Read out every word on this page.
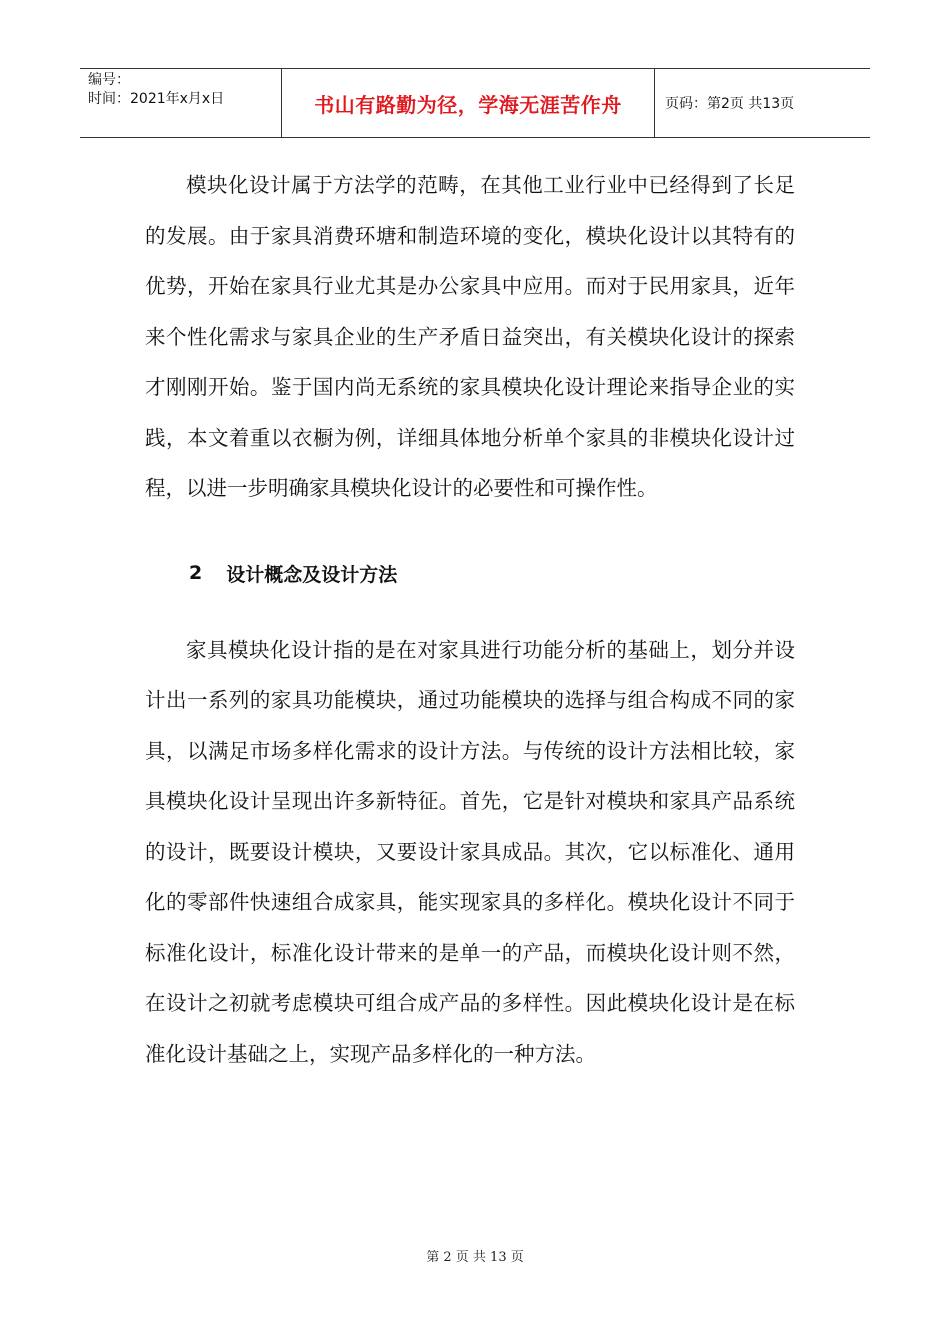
编号：
时间：2021年x月x日	书山有路勤为径，学海无涯苦作舟	页码：第2页 共13页

模块化设计属于方法学的范畴，在其他工业行业中已经得到了长足的发展。由于家具消费环塘和制造环境的变化，模块化设计以其特有的优势，开始在家具行业尤其是办公家具中应用。而对于民用家具，近年来个性化需求与家具企业的生产矛盾日益突出，有关模块化设计的探索才刚刚开始。鉴于国内尚无系统的家具模块化设计理论来指导企业的实践，本文着重以衣橱为例，详细具体地分析单个家具的非模块化设计过程，以进一步明确家具模块化设计的必要性和可操作性。

2 设计概念及设计方法

家具模块化设计指的是在对家具进行功能分析的基础上，划分并设计出一系列的家具功能模块，通过功能模块的选择与组合构成不同的家具，以满足市场多样化需求的设计方法。与传统的设计方法相比较，家具模块化设计呈现出许多新特征。首先，它是针对模块和家具产品系统的设计，既要设计模块，又要设计家具成品。其次，它以标准化、通用化的零部件快速组合成家具，能实现家具的多样化。模块化设计不同于标准化设计，标准化设计带来的是单一的产品，而模块化设计则不然，在设计之初就考虑模块可组合成产品的多样性。因此模块化设计是在标准化设计基础之上，实现产品多样化的一种方法。

第 2 页 共 13 页
